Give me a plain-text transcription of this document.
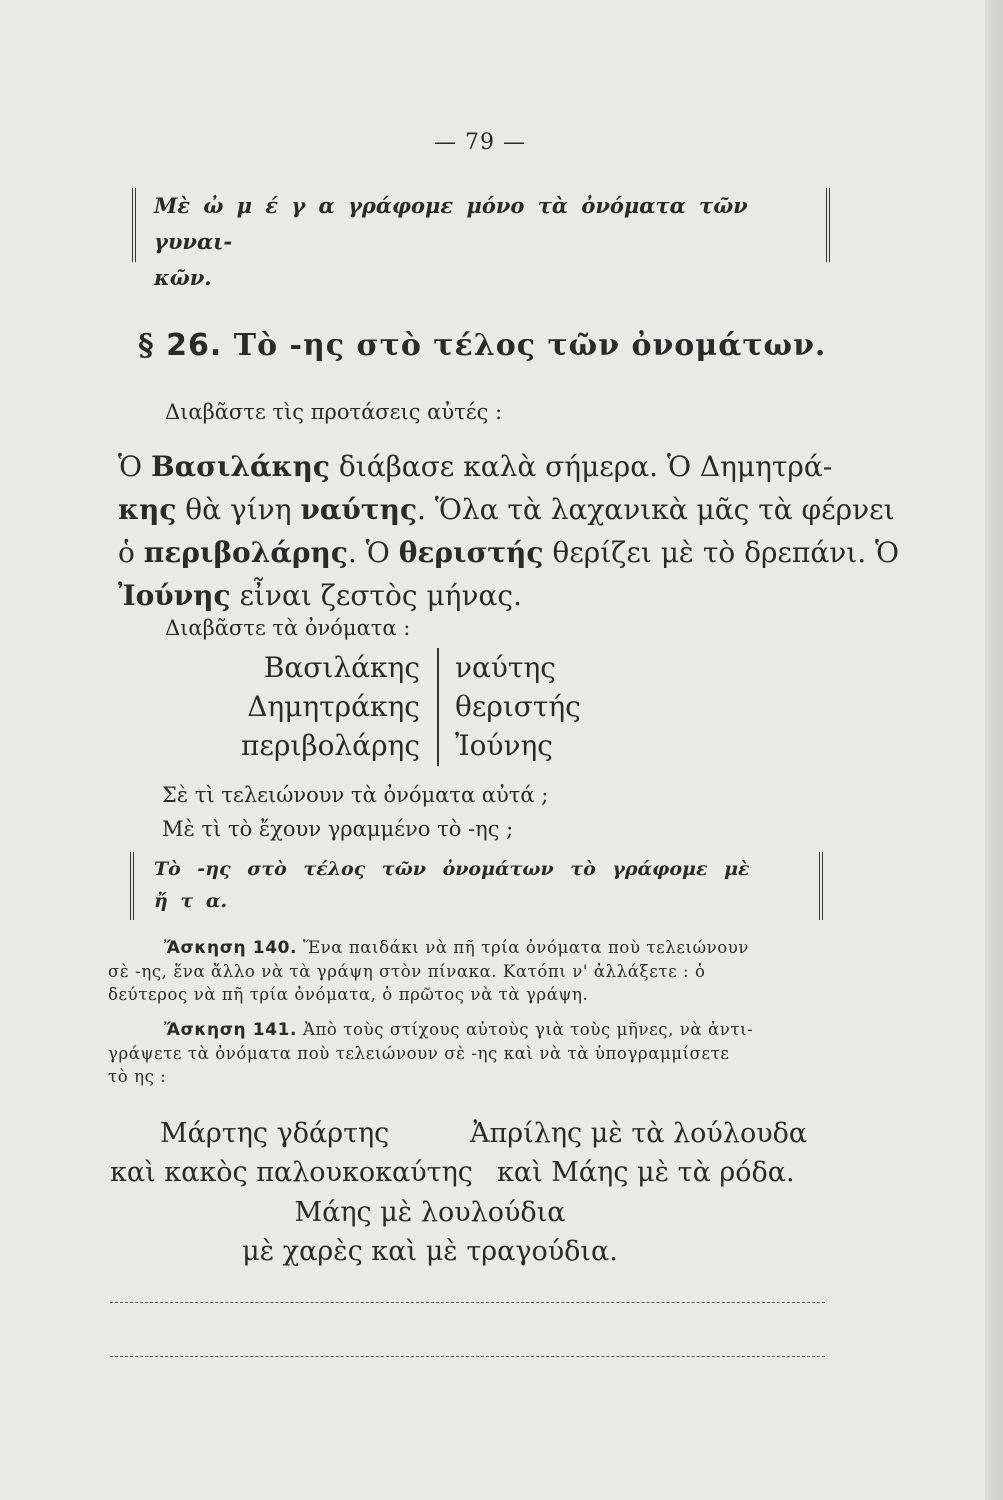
— 79 —
Μὲ ὠ μ έ γ α γράφομε μόνο τὰ ὀνόματα τῶν γυναι-
κῶν.
§ 26. Τὸ -ης στὸ τέλος τῶν ὀνομάτων.
Διαβᾶστε τὶς προτάσεις αὐτές :
Ὁ Βασιλάκης διάβασε καλὰ σήμερα. Ὁ Δημητρά-
κης θὰ γίνη ναύτης. Ὅλα τὰ λαχανικὰ μᾶς τὰ φέρνει
ὁ περιβολάρης. Ὁ θεριστής θερίζει μὲ τὸ δρεπάνι. Ὁ
Ἰούνης εἶναι ζεστὸς μήνας.
Διαβᾶστε τὰ ὀνόματα :
Βασιλάκης
Δημητράκης
περιβολάρης
ναύτης
θεριστής
Ἰούνης
Σὲ τὶ τελειώνουν τὰ ὀνόματα αὐτά ;
Μὲ τὶ τὸ ἔχουν γραμμένο τὸ -ης ;
Τὸ -ης στὸ τέλος τῶν ὀνομάτων τὸ γράφομε μὲ
ἤ τ α.
Ἄσκηση 140. Ἕνα παιδάκι νὰ πῆ τρία ὀνόματα ποὺ τελειώνουν
σὲ -ης, ἕνα ἄλλο νὰ τὰ γράψη στὸν πίνακα. Κατόπι ν' ἀλλάξετε : ὁ
δεύτερος νὰ πῆ τρία ὀνόματα, ὁ πρῶτος νὰ τὰ γράψη.
Ἄσκηση 141. Ἀπὸ τοὺς στίχους αὐτοὺς γιὰ τοὺς μῆνες, νὰ ἀντι-
γράψετε τὰ ὀνόματα ποὺ τελειώνουν σὲ -ης καὶ νὰ τὰ ὑπογραμμίσετε
τὸ ης :
Μάρτης γδάρτης
καὶ κακὸς παλουκοκαύτης
Ἀπρίλης μὲ τὰ λούλουδα
καὶ Μάης μὲ τὰ ρόδα.
Μάης μὲ λουλούδια
μὲ χαρὲς καὶ μὲ τραγούδια.
